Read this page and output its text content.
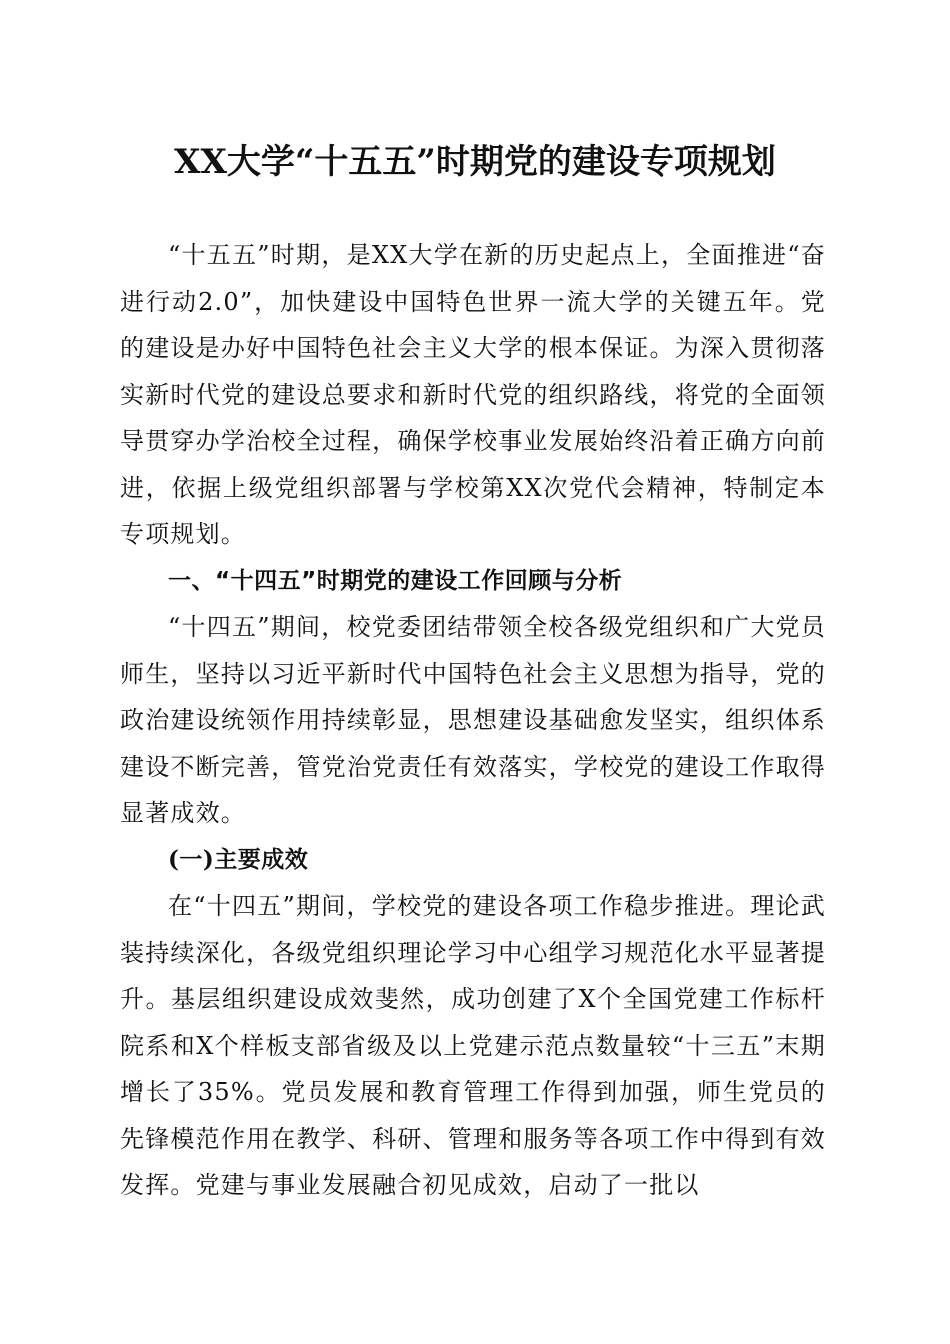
XX大学“十五五”时期党的建设专项规划

“十五五”时期，是XX大学在新的历史起点上，全面推进“奋进行动2.0”，加快建设中国特色世界一流大学的关键五年。党的建设是办好中国特色社会主义大学的根本保证。为深入贯彻落实新时代党的建设总要求和新时代党的组织路线，将党的全面领导贯穿办学治校全过程，确保学校事业发展始终沿着正确方向前进，依据上级党组织部署与学校第XX次党代会精神，特制定本专项规划。

一、“十四五”时期党的建设工作回顾与分析

“十四五”期间，校党委团结带领全校各级党组织和广大党员师生，坚持以习近平新时代中国特色社会主义思想为指导，党的政治建设统领作用持续彰显，思想建设基础愈发坚实，组织体系建设不断完善，管党治党责任有效落实，学校党的建设工作取得显著成效。

(一)主要成效

在“十四五”期间，学校党的建设各项工作稳步推进。理论武装持续深化，各级党组织理论学习中心组学习规范化水平显著提升。基层组织建设成效斐然，成功创建了X个全国党建工作标杆院系和X个样板支部省级及以上党建示范点数量较“十三五”末期增长了35%。党员发展和教育管理工作得到加强，师生党员的先锋模范作用在教学、科研、管理和服务等各项工作中得到有效发挥。党建与事业发展融合初见成效，启动了一批以
